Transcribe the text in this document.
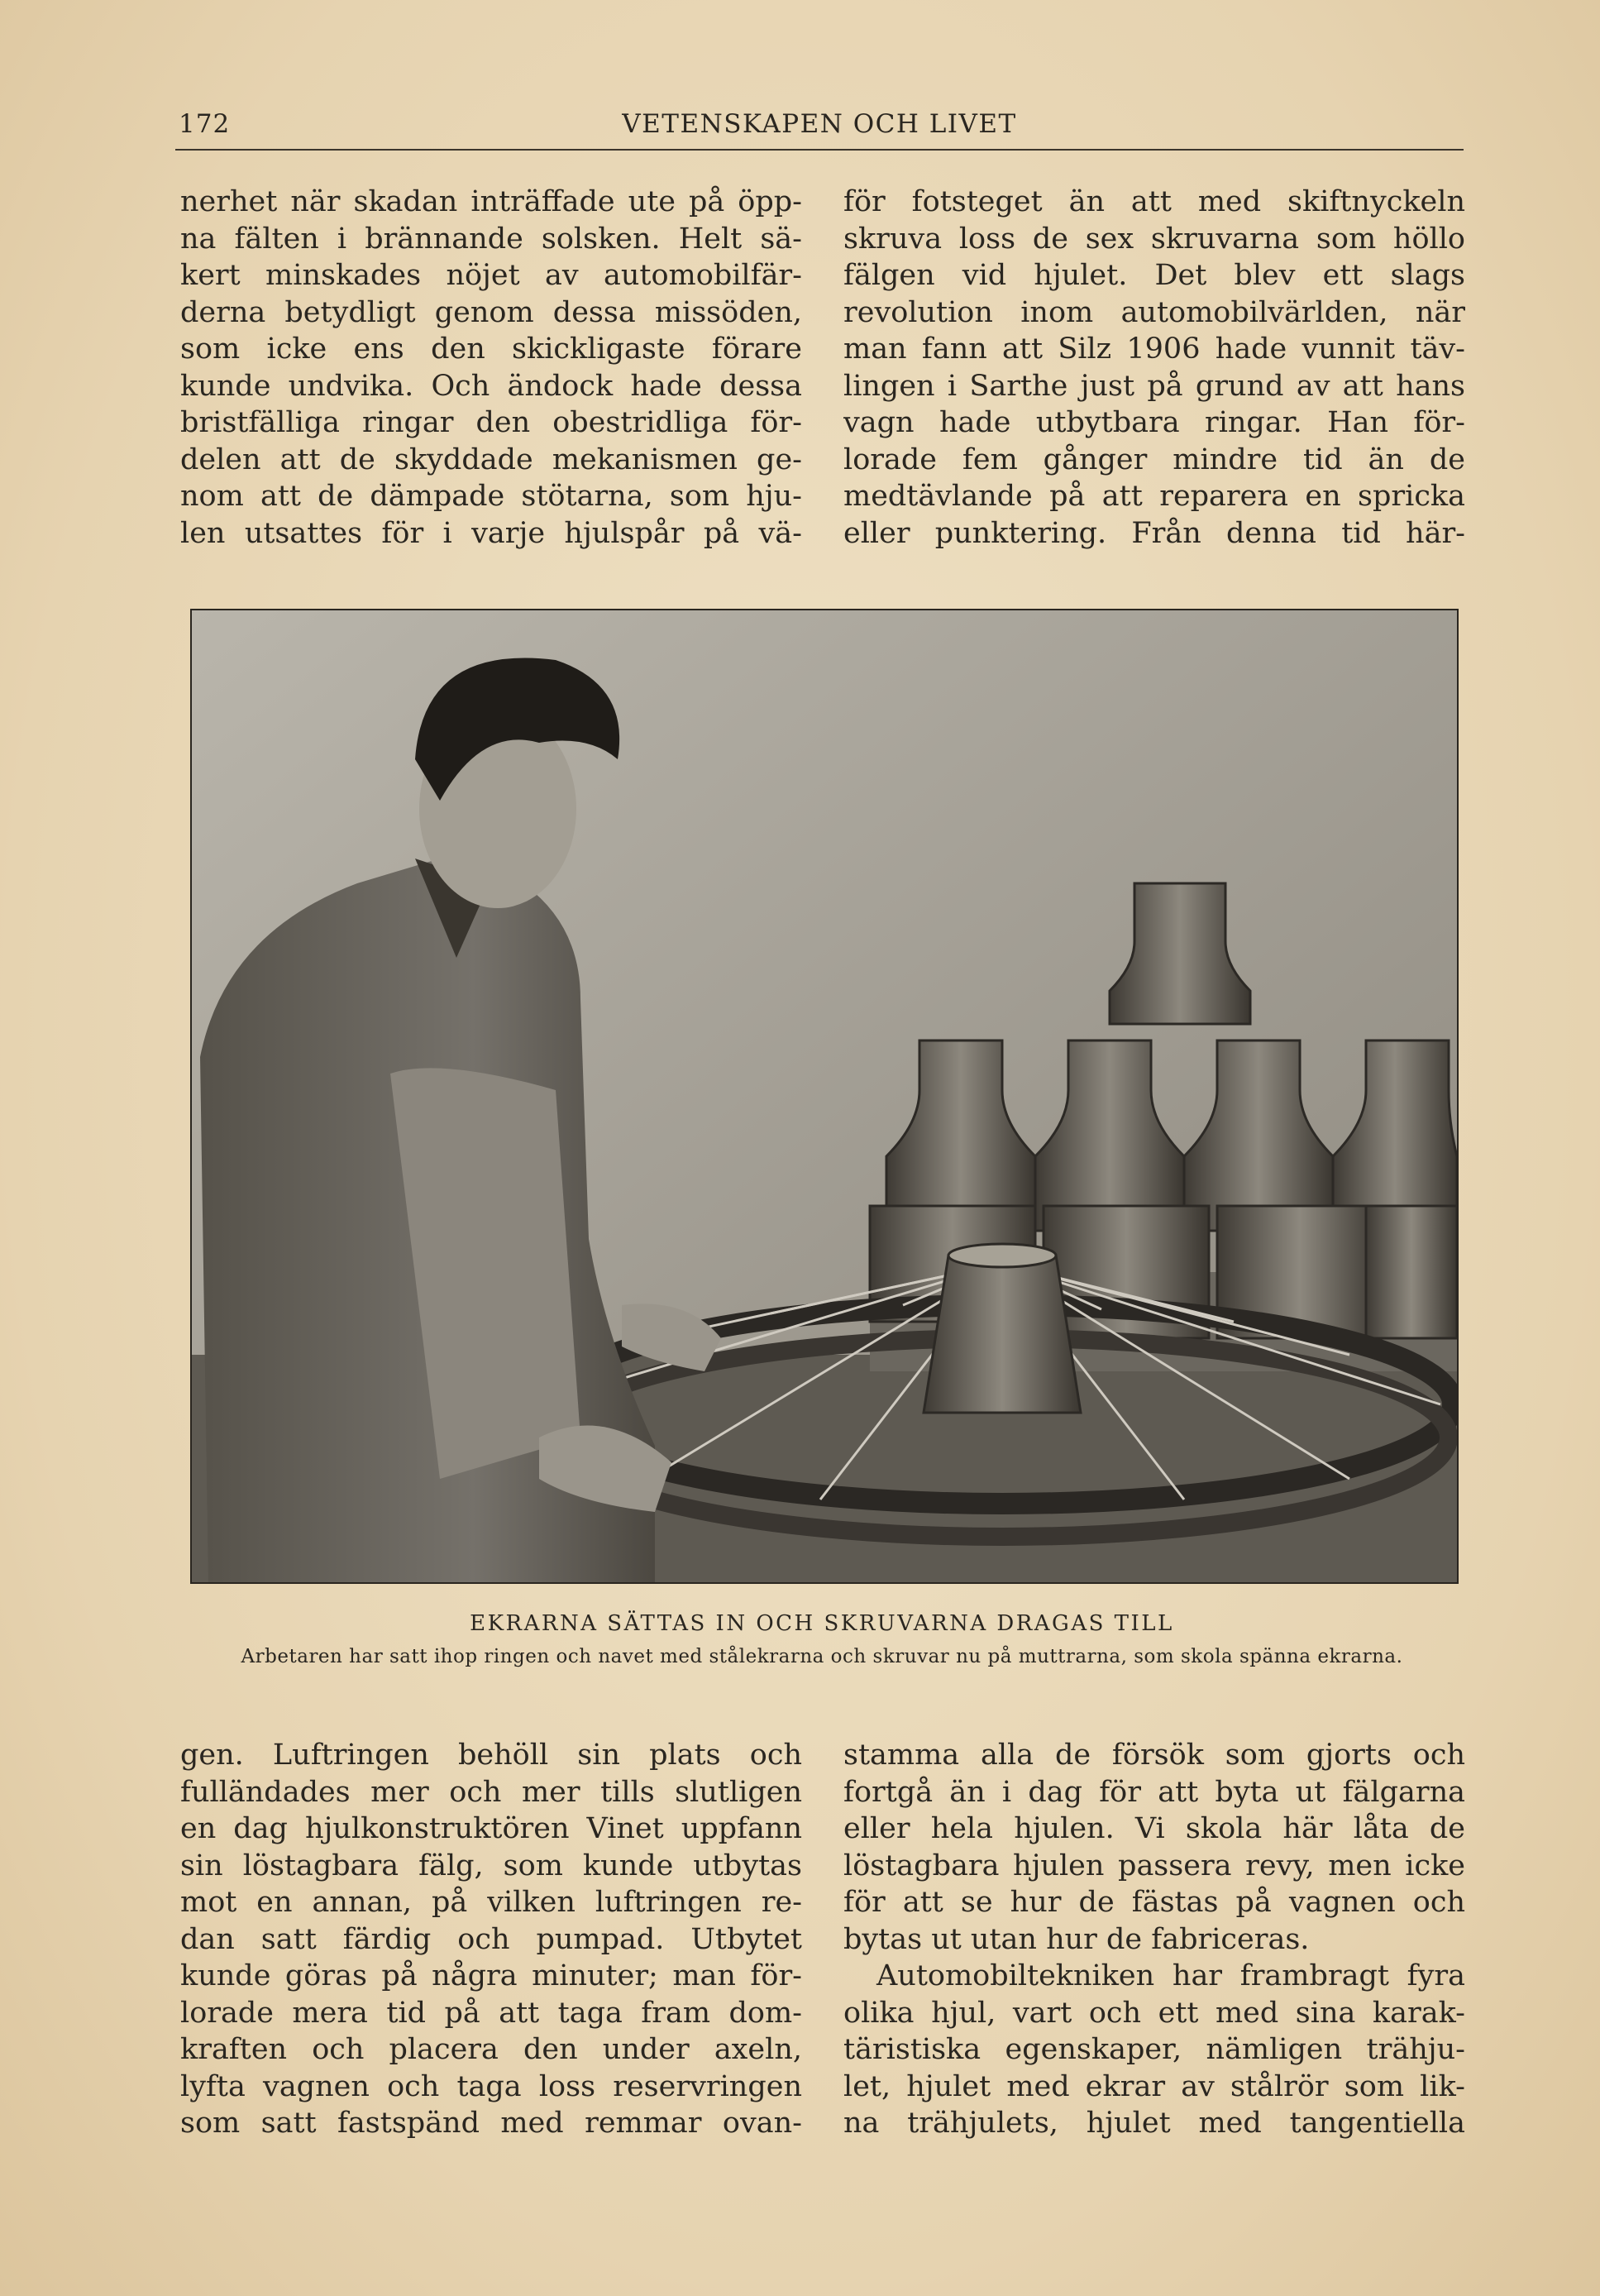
172	VETENSKAPEN OCH LIVET
nerhet när skadan inträffade ute på öpp-
na fälten i brännande solsken. Helt sä-
kert minskades nöjet av automobilfär-
derna betydligt genom dessa missöden,
som icke ens den skickligaste förare
kunde undvika. Och ändock hade dessa
bristfälliga ringar den obestridliga för-
delen att de skyddade mekanismen ge-
nom att de dämpade stötarna, som hju-
len utsattes för i varje hjulspår på vä-
för fotsteget än att med skiftnyckeln
skruva loss de sex skruvarna som höllo
fälgen vid hjulet. Det blev ett slags
revolution inom automobilvärlden, när
man fann att Silz 1906 hade vunnit täv-
lingen i Sarthe just på grund av att hans
vagn hade utbytbara ringar. Han för-
lorade fem gånger mindre tid än de
medtävlande på att reparera en spricka
eller punktering. Från denna tid här-
EKRARNA SÄTTAS IN OCH SKRUVARNA DRAGAS TILL
Arbetaren har satt ihop ringen och navet med stålekrarna och skruvar nu på muttrarna, som skola spänna ekrarna.
gen. Luftringen behöll sin plats och
fulländades mer och mer tills slutligen
en dag hjulkonstruktören Vinet uppfann
sin löstagbara fälg, som kunde utbytas
mot en annan, på vilken luftringen re-
dan satt färdig och pumpad. Utbytet
kunde göras på några minuter; man för-
lorade mera tid på att taga fram dom-
kraften och placera den under axeln,
lyfta vagnen och taga loss reservringen
som satt fastspänd med remmar ovan-
stamma alla de försök som gjorts och
fortgå än i dag för att byta ut fälgarna
eller hela hjulen. Vi skola här låta de
löstagbara hjulen passera revy, men icke
för att se hur de fästas på vagnen och
bytas ut utan hur de fabriceras.
Automobiltekniken har frambragt fyra
olika hjul, vart och ett med sina karak-
täristiska egenskaper, nämligen trähju-
let, hjulet med ekrar av stålrör som lik-
na trähjulets, hjulet med tangentiella
